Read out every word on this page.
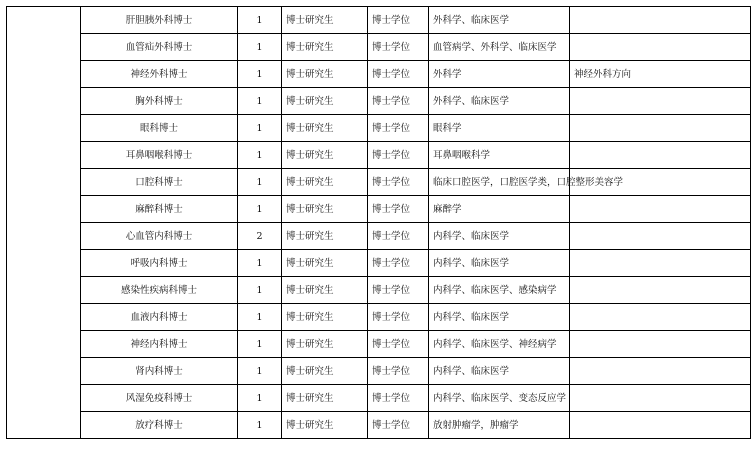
	肝胆胰外科博士	1	博士研究生	博士学位	外科学、临床医学	

	血管疝外科博士	1	博士研究生	博士学位	血管病学、外科学、临床医学	

	神经外科博士	1	博士研究生	博士学位	外科学	神经外科方向

	胸外科博士	1	博士研究生	博士学位	外科学、临床医学	

	眼科博士	1	博士研究生	博士学位	眼科学	

	耳鼻咽喉科博士	1	博士研究生	博士学位	耳鼻咽喉科学	

	口腔科博士	1	博士研究生	博士学位	临床口腔医学，口腔医学类，口腔整形美容学	

	麻醉科博士	1	博士研究生	博士学位	麻醉学	

	心血管内科博士	2	博士研究生	博士学位	内科学、临床医学	

	呼吸内科博士	1	博士研究生	博士学位	内科学、临床医学	

	感染性疾病科博士	1	博士研究生	博士学位	内科学、临床医学、感染病学	

	血液内科博士	1	博士研究生	博士学位	内科学、临床医学	

	神经内科博士	1	博士研究生	博士学位	内科学、临床医学、神经病学	

	肾内科博士	1	博士研究生	博士学位	内科学、临床医学	

	风湿免疫科博士	1	博士研究生	博士学位	内科学、临床医学、变态反应学	

	放疗科博士	1	博士研究生	博士学位	放射肿瘤学，肿瘤学	
